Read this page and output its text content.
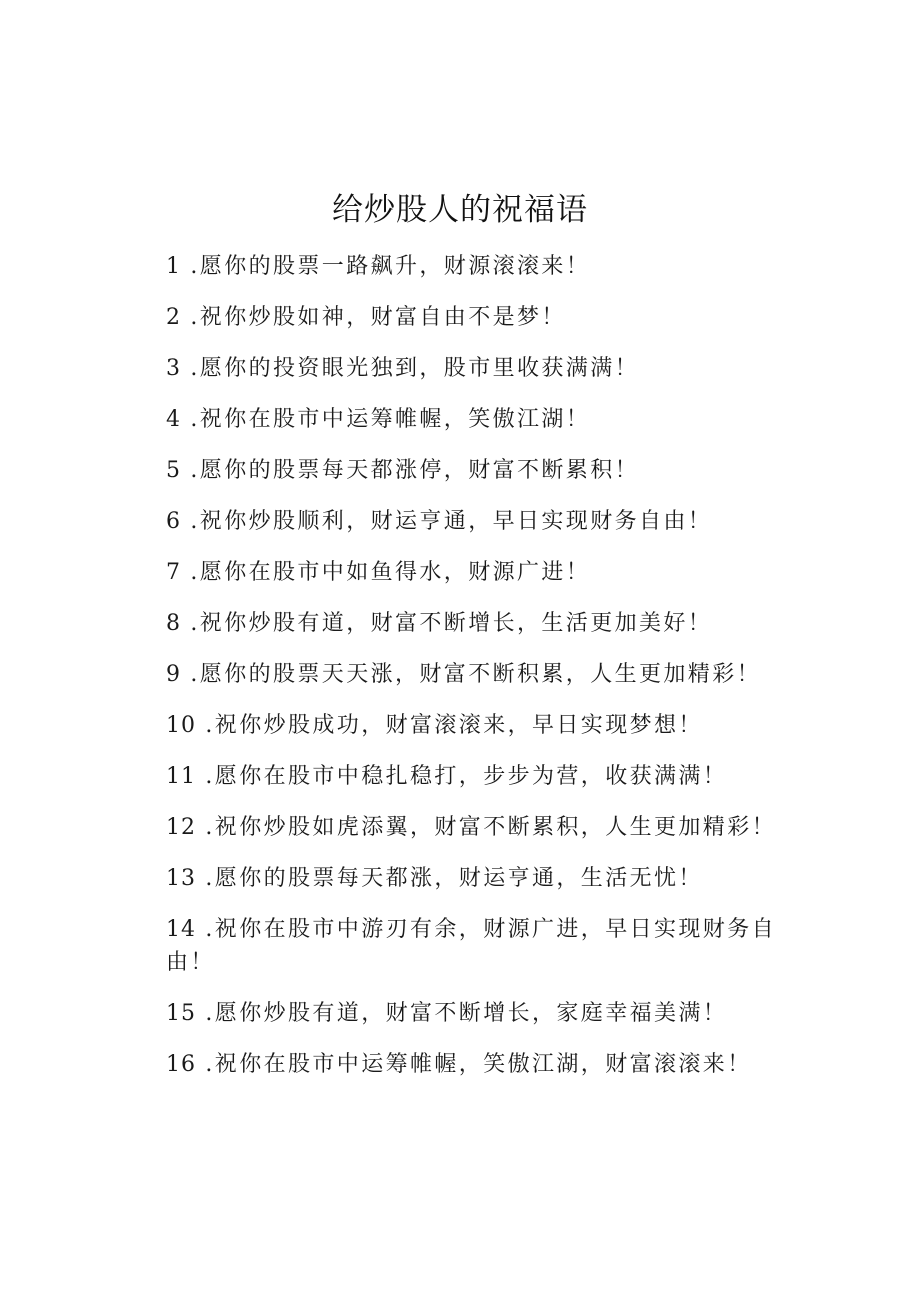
给炒股人的祝福语
1 .愿你的股票一路飙升，财源滚滚来！
2 .祝你炒股如神，财富自由不是梦！
3 .愿你的投资眼光独到，股市里收获满满！
4 .祝你在股市中运筹帷幄，笑傲江湖！
5 .愿你的股票每天都涨停，财富不断累积！
6 .祝你炒股顺利，财运亨通，早日实现财务自由！
7 .愿你在股市中如鱼得水，财源广进！
8 .祝你炒股有道，财富不断增长，生活更加美好！
9 .愿你的股票天天涨，财富不断积累，人生更加精彩！
10 .祝你炒股成功，财富滚滚来，早日实现梦想！
11 .愿你在股市中稳扎稳打，步步为营，收获满满！
12 .祝你炒股如虎添翼，财富不断累积，人生更加精彩！
13 .愿你的股票每天都涨，财运亨通，生活无忧！
14 .祝你在股市中游刃有余，财源广进，早日实现财务自由！
15 .愿你炒股有道，财富不断增长，家庭幸福美满！
16 .祝你在股市中运筹帷幄，笑傲江湖，财富滚滚来！
